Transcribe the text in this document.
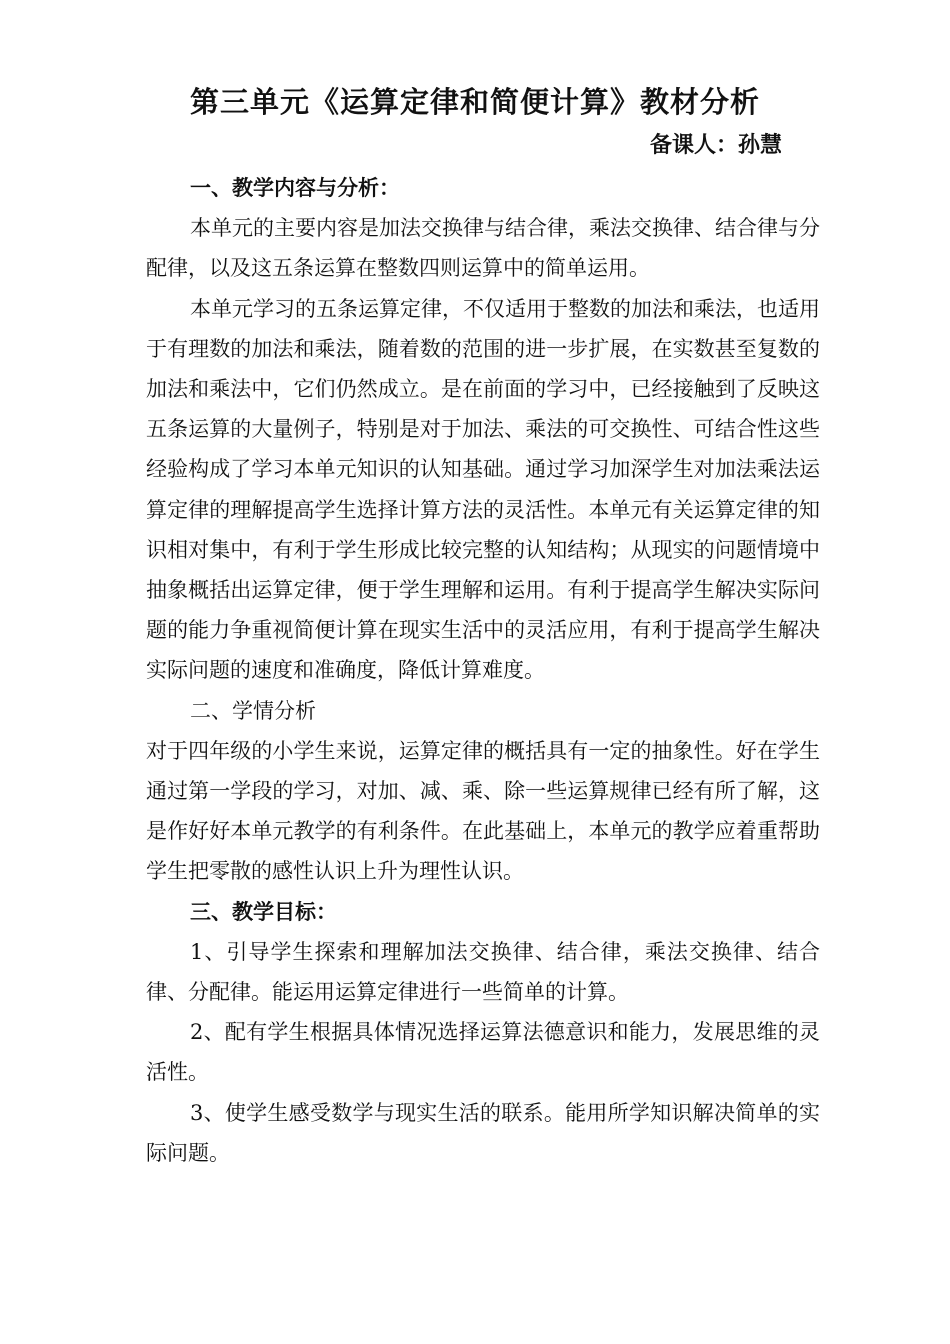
第三单元《运算定律和简便计算》教材分析
备课人：孙慧

一、教学内容与分析：

本单元的主要内容是加法交换律与结合律，乘法交换律、结合律与分配律，以及这五条运算在整数四则运算中的简单运用。

本单元学习的五条运算定律，不仅适用于整数的加法和乘法，也适用于有理数的加法和乘法，随着数的范围的进一步扩展，在实数甚至复数的加法和乘法中，它们仍然成立。是在前面的学习中，已经接触到了反映这五条运算的大量例子，特别是对于加法、乘法的可交换性、可结合性这些经验构成了学习本单元知识的认知基础。通过学习加深学生对加法乘法运算定律的理解提高学生选择计算方法的灵活性。本单元有关运算定律的知识相对集中，有利于学生形成比较完整的认知结构；从现实的问题情境中抽象概括出运算定律，便于学生理解和运用。有利于提高学生解决实际问题的能力争重视简便计算在现实生活中的灵活应用，有利于提高学生解决实际问题的速度和准确度，降低计算难度。

二、学情分析

对于四年级的小学生来说，运算定律的概括具有一定的抽象性。好在学生通过第一学段的学习，对加、减、乘、除一些运算规律已经有所了解，这是作好好本单元教学的有利条件。在此基础上，本单元的教学应着重帮助学生把零散的感性认识上升为理性认识。

三、教学目标：

1、引导学生探索和理解加法交换律、结合律，乘法交换律、结合律、分配律。能运用运算定律进行一些简单的计算。

2、配有学生根据具体情况选择运算法德意识和能力，发展思维的灵活性。

3、使学生感受数学与现实生活的联系。能用所学知识解决简单的实际问题。
